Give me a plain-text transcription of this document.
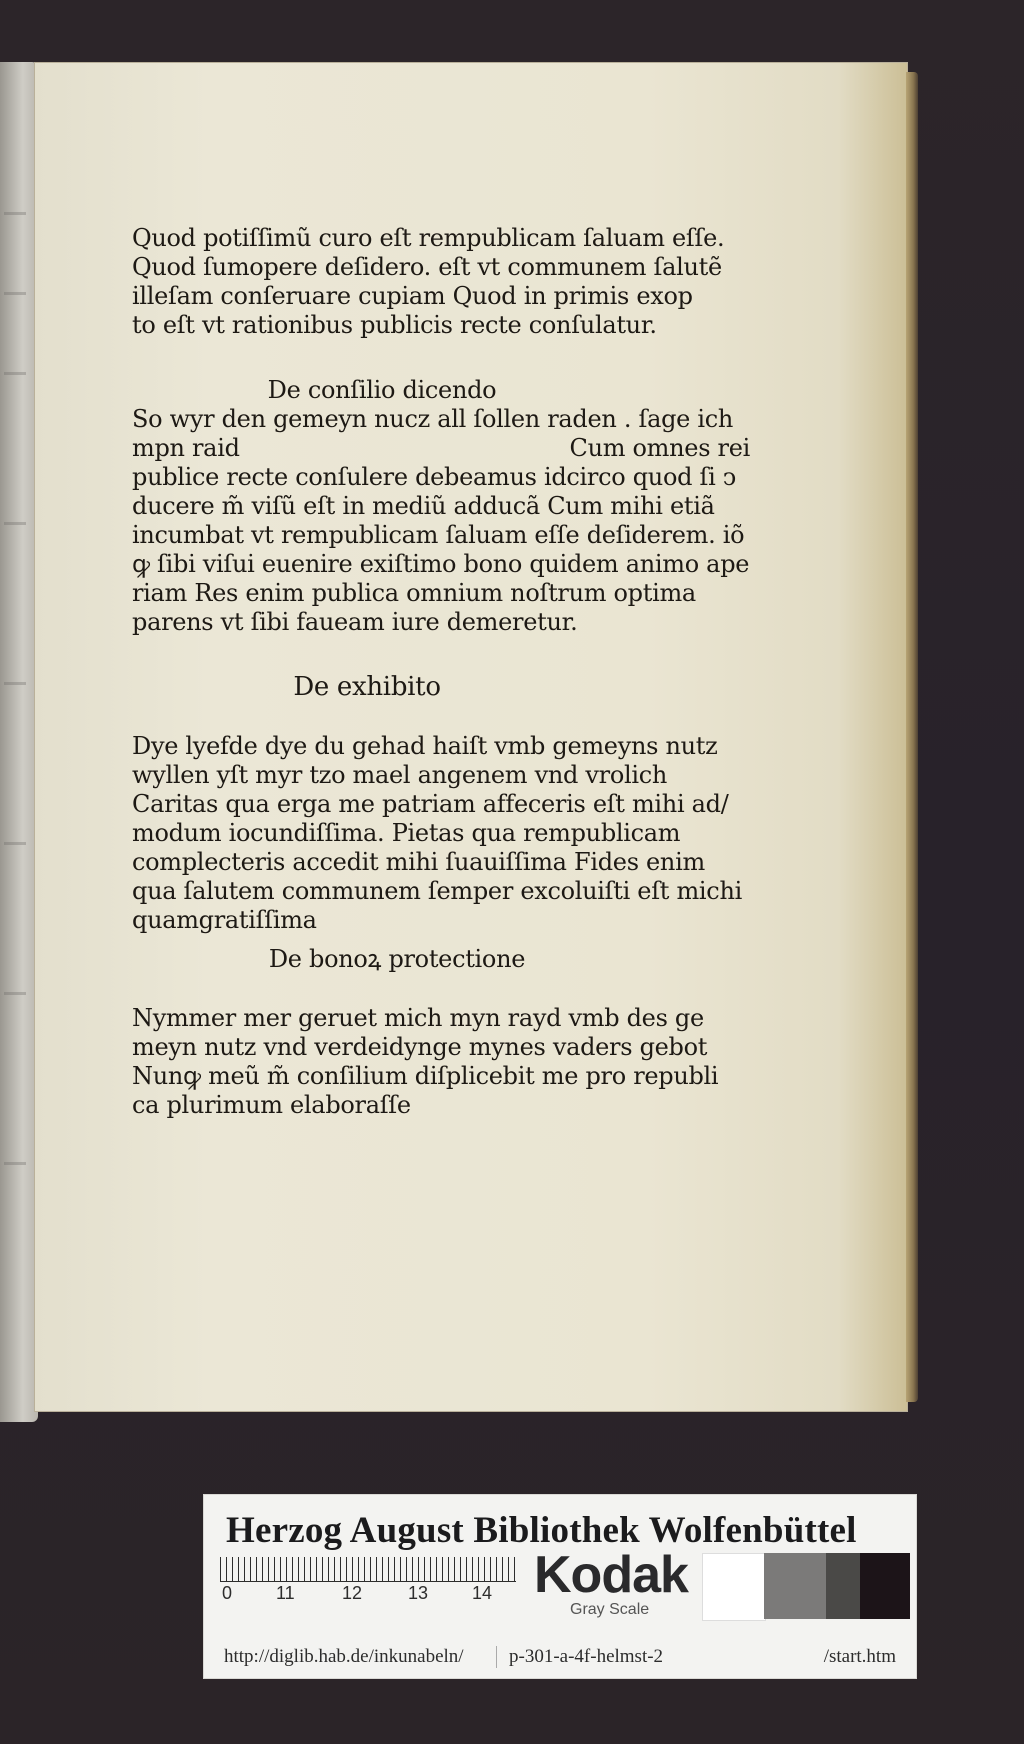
Quod potiſſimũ curo eſt rempublicam ſaluam eſſe.
Quod ſumopere deſidero. eſt vt communem ſalutẽ
illeſam conſeruare cupiam Quod in primis exop
to eſt vt rationibus publicis recte conſulatur.
De conſilio dicendo
So wyr den gemeyn nucz all ſollen raden . ſage ich
mpn raid	Cum omnes rei
publice recte conſulere debeamus idcirco quod ſi ↄ
ducere m̃ viſũ eſt in mediũ adducã Cum mihi etiã
incumbat vt rempublicam ſaluam eſſe deſiderem. iõ
ꝙ ſibi viſui euenire exiſtimo bono quidem animo ape
riam Res enim publica omnium noſtrum optima
parens vt ſibi faueam iure demeretur.
De exhibito
Dye lyefde dye du gehad haiſt vmb gemeyns nutz
wyllen yſt myr tzo mael angenem vnd vrolich
Caritas qua erga me patriam affeceris eſt mihi ad/
modum iocundiſſima. Pietas qua rempublicam
complecteris accedit mihi ſuauiſſima Fides enim
qua ſalutem communem ſemper excoluiſti eſt michi
quamgratiſſima
De bonoꝝ protectione
Nymmer mer geruet mich myn rayd vmb des ge
meyn nutz vnd verdeidynge mynes vaders gebot
Nunꝙ meũ m̃ conſilium diſplicebit me pro republi
ca plurimum elaboraſſe
Herzog August Bibliothek Wolfenbüttel
0 11	12	13 14 Kodak
Gray Scale
http://diglib.hab.de/inkunabeln/	p-301-a-4f-helmst-2	/start.htm
